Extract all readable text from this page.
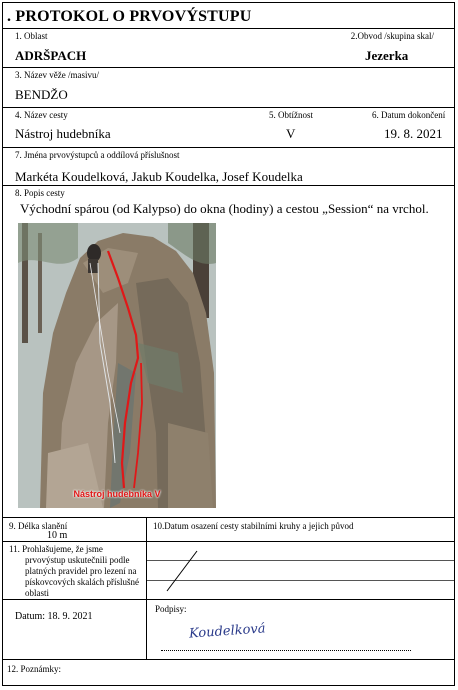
. PROTOKOL O PRVOVÝSTUPU
1. Oblast
ADRŠPACH
2.Obvod /skupina skal/
Jezerka
3. Název věže /masivu/
BENDŽO
4. Název cesty
Nástroj hudebníka
5. Obtížnost
V
6. Datum dokončení
19. 8. 2021
7. Jména prvovýstupců a oddílová příslušnost
Markéta Koudelková, Jakub Koudelka, Josef Koudelka
8. Popis cesty
Východní spárou (od Kalypso) do okna (hodiny) a cestou „Session“ na vrchol.
Nástroj hudebníka V
9. Délka slanění
10 m
10.Datum osazení cesty stabilními kruhy a jejich původ
11. Prohlašujeme, že jsme
prvovýstup uskutečnili podle
platných pravidel pro lezení na
pískovcových skalách příslušné
oblasti
Datum: 18. 9. 2021
Podpisy:
Koudelková
12. Poznámky:
